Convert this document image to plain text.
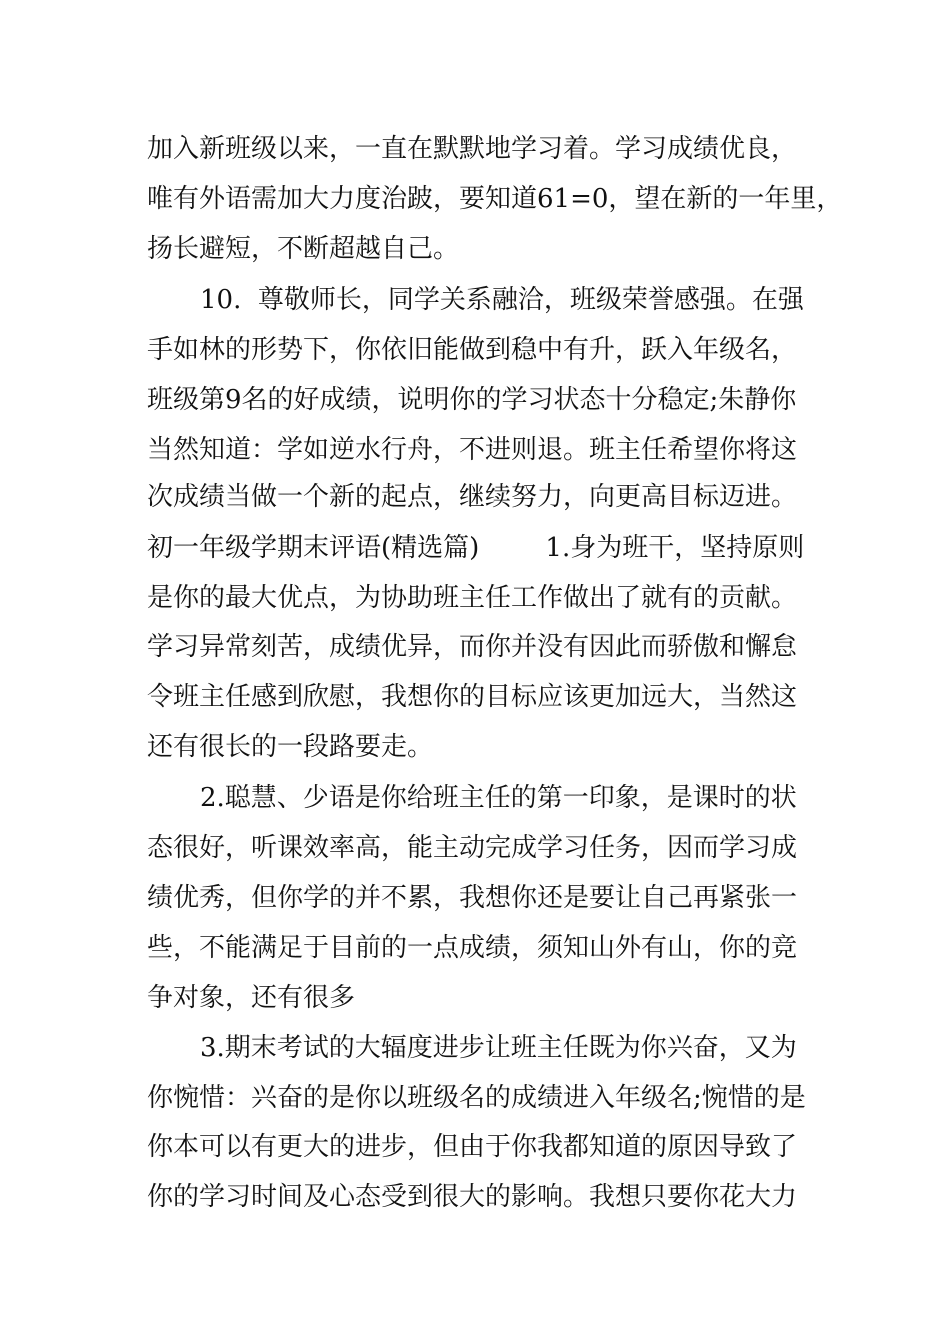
加入新班级以来，一直在默默地学习着。学习成绩优良，
唯有外语需加大力度治跛，要知道61=0，望在新的一年里，
扬长避短，不断超越自己。
10.  尊敬师长，同学关系融洽，班级荣誉感强。在强
手如林的形势下，你依旧能做到稳中有升，跃入年级名，
班级第9名的好成绩，说明你的学习状态十分稳定;朱静你
当然知道：学如逆水行舟，不进则退。班主任希望你将这
次成绩当做一个新的起点，继续努力，向更高目标迈进。
初一年级学期末评语(精选篇)        1.身为班干，坚持原则
是你的最大优点，为协助班主任工作做出了就有的贡献。
学习异常刻苦，成绩优异，而你并没有因此而骄傲和懈怠
令班主任感到欣慰，我想你的目标应该更加远大，当然这
还有很长的一段路要走。
2.聪慧、少语是你给班主任的第一印象，是课时的状
态很好，听课效率高，能主动完成学习任务，因而学习成
绩优秀，但你学的并不累，我想你还是要让自己再紧张一
些，不能满足于目前的一点成绩，须知山外有山，你的竞
争对象，还有很多
3.期末考试的大辐度进步让班主任既为你兴奋，又为
你惋惜：兴奋的是你以班级名的成绩进入年级名;惋惜的是
你本可以有更大的进步，但由于你我都知道的原因导致了
你的学习时间及心态受到很大的影响。我想只要你花大力
